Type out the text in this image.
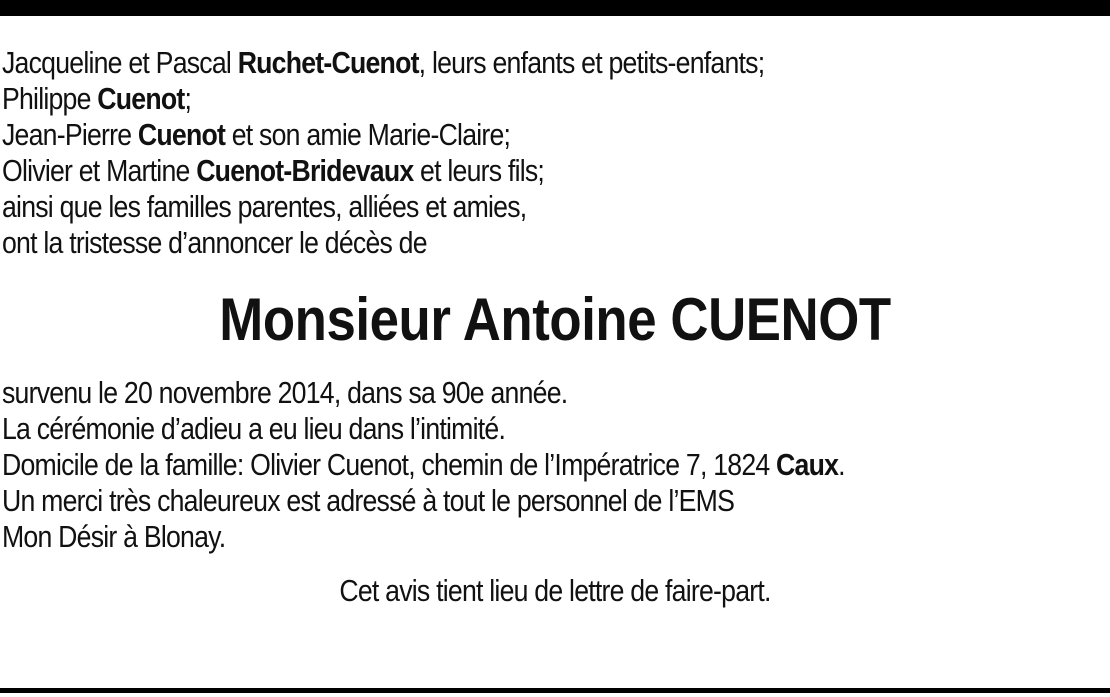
Jacqueline et Pascal Ruchet-Cuenot, leurs enfants et petits-enfants;
Philippe Cuenot;
Jean-Pierre Cuenot et son amie Marie-Claire;
Olivier et Martine Cuenot-Bridevaux et leurs fils;
ainsi que les familles parentes, alliées et amies,
ont la tristesse d’annoncer le décès de
Monsieur Antoine CUENOT
survenu le 20 novembre 2014, dans sa 90e année.
La cérémonie d’adieu a eu lieu dans l’intimité.
Domicile de la famille: Olivier Cuenot, chemin de l’Impératrice 7, 1824 Caux.
Un merci très chaleureux est adressé à tout le personnel de l’EMS
Mon Désir à Blonay.
Cet avis tient lieu de lettre de faire-part.
